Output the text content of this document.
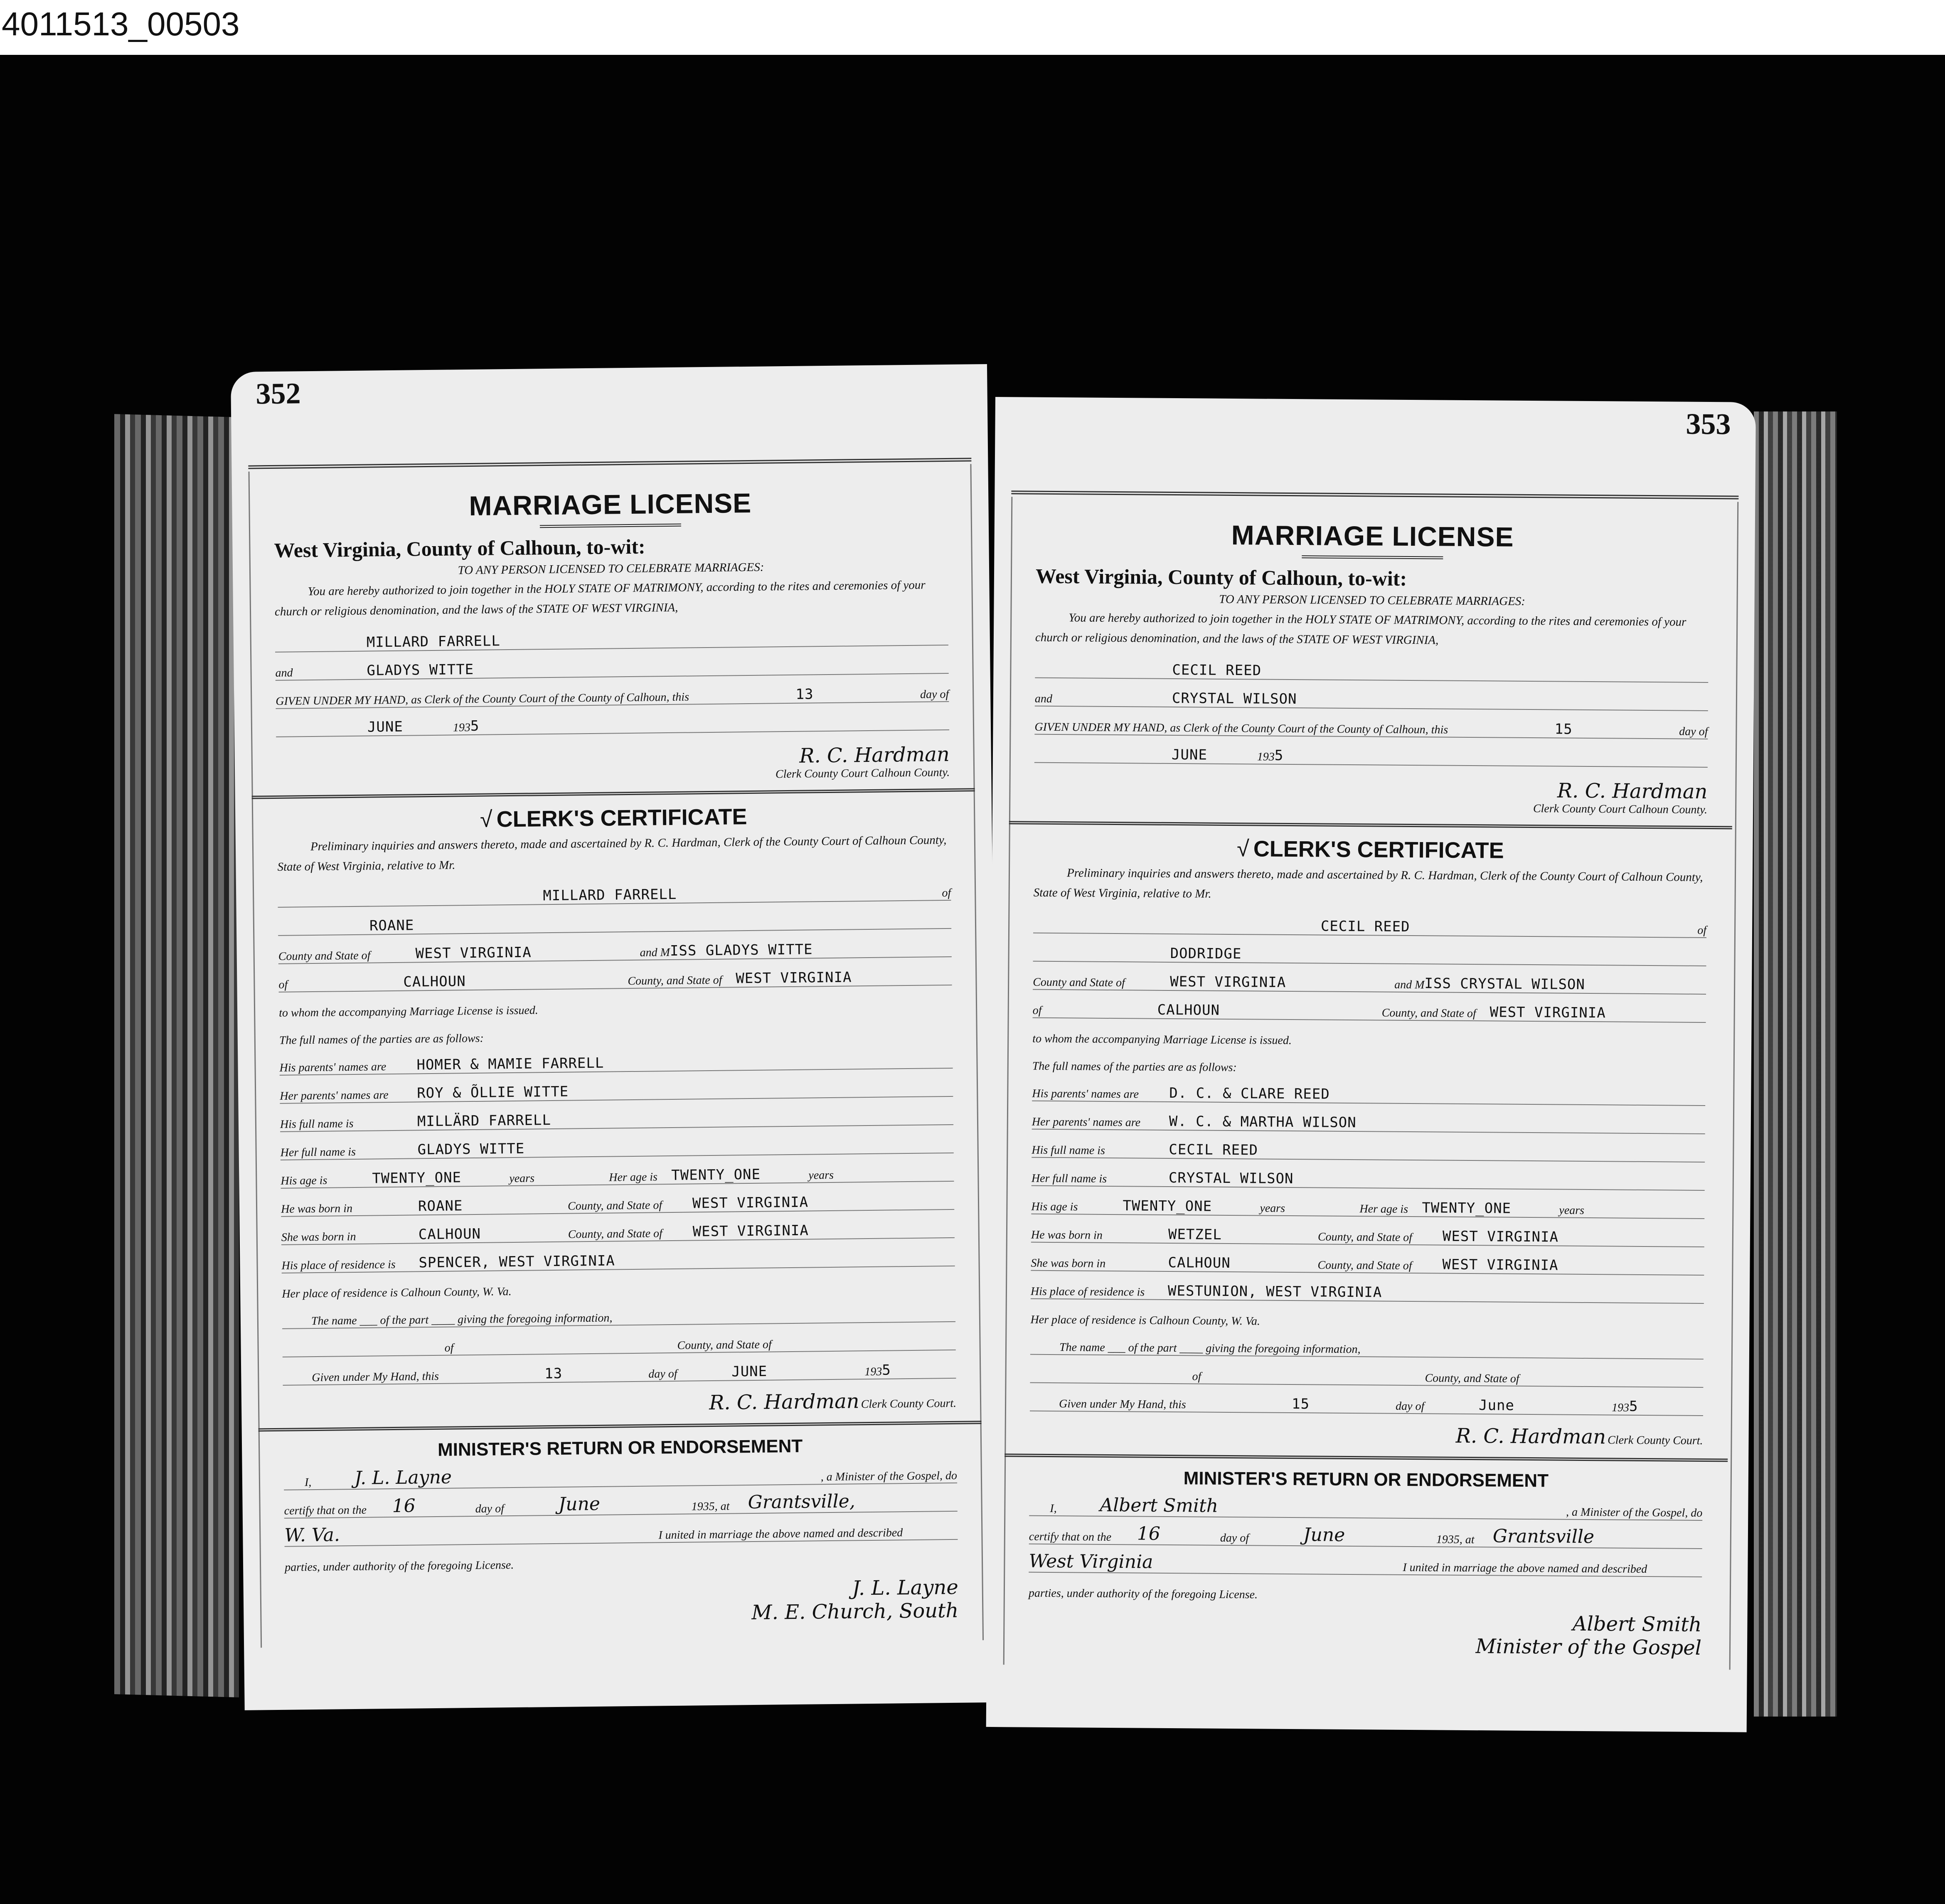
4011513_00503
352
MARRIAGE LICENSE
West Virginia, County of Calhoun, to-wit:
TO ANY PERSON LICENSED TO CELEBRATE MARRIAGES:
You are hereby authorized to join together in the HOLY STATE OF MATRIMONY, according to the rites and ceremonies of your church or religious denomination, and the laws of the STATE OF WEST VIRGINIA,
MILLARD FARRELL
and	GLADYS WITTE
GIVEN UNDER MY HAND, as Clerk of the County Court of the County of Calhoun, this	13	day of
JUNE	193 5
R. C. Hardman
Clerk County Court Calhoun County.
√ CLERK'S CERTIFICATE
Preliminary inquiries and answers thereto, made and ascertained by R. C. Hardman, Clerk of the County Court of Calhoun County, State of West Virginia, relative to Mr.
MILLARD FARRELL	of
ROANE
County and State of	WEST VIRGINIA	and M ISS GLADYS WITTE
of	CALHOUN	County, and State of WEST VIRGINIA
to whom the accompanying Marriage License is issued.
The full names of the parties are as follows:
His parents' names are	HOMER & MAMIE FARRELL
Her parents' names are	ROY & ÕLLIE WITTE
His full name is	MILLÄRD FARRELL
Her full name is	GLADYS WITTE
His age is	TWENTY_ONE	years	Her age is TWENTY_ONE	years
He was born in	ROANE	County, and State of	WEST VIRGINIA
She was born in	CALHOUN	County, and State of	WEST VIRGINIA
His place of residence is	SPENCER, WEST VIRGINIA
Her place of residence is Calhoun County, W. Va.
The name ___ of the part ____ giving the foregoing information,
of	County, and State of
Given under My Hand, this	13	day of	JUNE	193 5
R. C. Hardman Clerk County Court.
MINISTER'S RETURN OR ENDORSEMENT
I,	J. L. Layne	, a Minister of the Gospel, do
certify that on the	16	day of	June	1935 , at Grantsville,
W. Va.	I united in marriage the above named and described
parties, under authority of the foregoing License.
J. L. Layne
M. E. Church, South
353
MARRIAGE LICENSE
West Virginia, County of Calhoun, to-wit:
TO ANY PERSON LICENSED TO CELEBRATE MARRIAGES:
You are hereby authorized to join together in the HOLY STATE OF MATRIMONY, according to the rites and ceremonies of your church or religious denomination, and the laws of the STATE OF WEST VIRGINIA,
CECIL REED
and	CRYSTAL WILSON
GIVEN UNDER MY HAND, as Clerk of the County Court of the County of Calhoun, this	15	day of
JUNE	193 5
R. C. Hardman
Clerk County Court Calhoun County.
√ CLERK'S CERTIFICATE
Preliminary inquiries and answers thereto, made and ascertained by R. C. Hardman, Clerk of the County Court of Calhoun County, State of West Virginia, relative to Mr.
CECIL REED	of
DODRIDGE
County and State of	WEST VIRGINIA	and M ISS CRYSTAL WILSON
of	CALHOUN	County, and State of WEST VIRGINIA
to whom the accompanying Marriage License is issued.
The full names of the parties are as follows:
His parents' names are	D. C. & CLARE REED
Her parents' names are	W. C. & MARTHA WILSON
His full name is	CECIL REED
Her full name is	CRYSTAL WILSON
His age is	TWENTY_ONE	years	Her age is TWENTY_ONE	years
He was born in	WETZEL	County, and State of	WEST VIRGINIA
She was born in	CALHOUN	County, and State of	WEST VIRGINIA
His place of residence is	WESTUNION, WEST VIRGINIA
Her place of residence is Calhoun County, W. Va.
The name ___ of the part ____ giving the foregoing information,
of	County, and State of
Given under My Hand, this	15	day of	June	193 5
R. C. Hardman Clerk County Court.
MINISTER'S RETURN OR ENDORSEMENT
I,	Albert Smith	, a Minister of the Gospel, do
certify that on the	16	day of	June	1935 , at Grantsville
West Virginia	I united in marriage the above named and described
parties, under authority of the foregoing License.
Albert Smith
Minister of the Gospel
